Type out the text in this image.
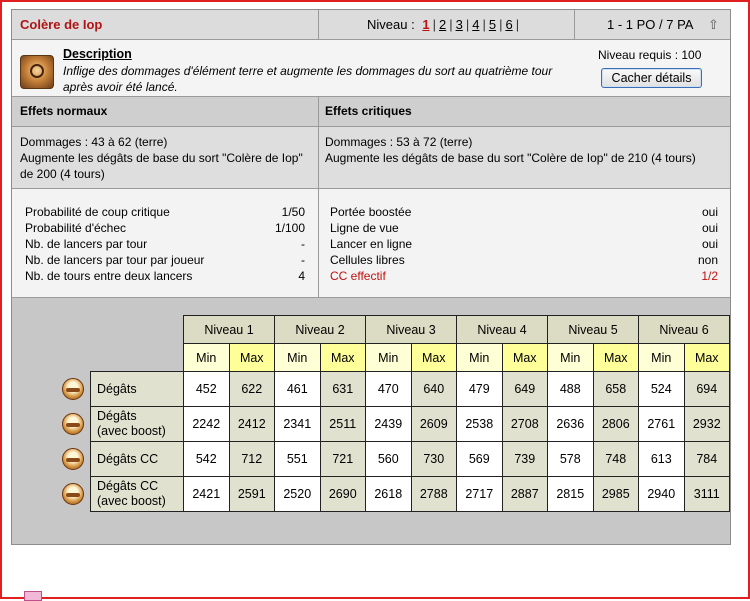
Colère de Iop	Niveau : 1 | 2 | 3 | 4 | 5 | 6 |	1 - 1 PO / 7 PA ⇧
Description
Inflige des dommages d'élément terre et augmente les dommages du sort au quatrième tour après avoir été lancé.
Niveau requis : 100
Cacher détails
Effets normaux	Effets critiques
Dommages : 43 à 62 (terre)
Augmente les dégâts de base du sort "Colère de Iop"
de 200 (4 tours)
Dommages : 53 à 72 (terre)
Augmente les dégâts de base du sort "Colère de Iop" de 210 (4 tours)
Probabilité de coup critique	1/50
Probabilité d'échec	1/100
Nb. de lancers par tour	-
Nb. de lancers par tour par joueur	-
Nb. de tours entre deux lancers	4
Portée boostée	oui
Ligne de vue	oui
Lancer en ligne	oui
Cellules libres	non
CC effectif	1/2
		Niveau 1		Niveau 2		Niveau 3		Niveau 4		Niveau 5		Niveau 6	
		Min	Max	Min	Max	Min	Max	Min	Max	Min	Max	Min	Max
	Dégâts	452	622	461	631	470	640	479	649	488	658	524	694
	Dégâts
(avec boost)	2242	2412	2341	2511	2439	2609	2538	2708	2636	2806	2761	2932
	Dégâts CC	542	712	551	721	560	730	569	739	578	748	613	784
	Dégâts CC
(avec boost)	2421	2591	2520	2690	2618	2788	2717	2887	2815	2985	2940	3111
